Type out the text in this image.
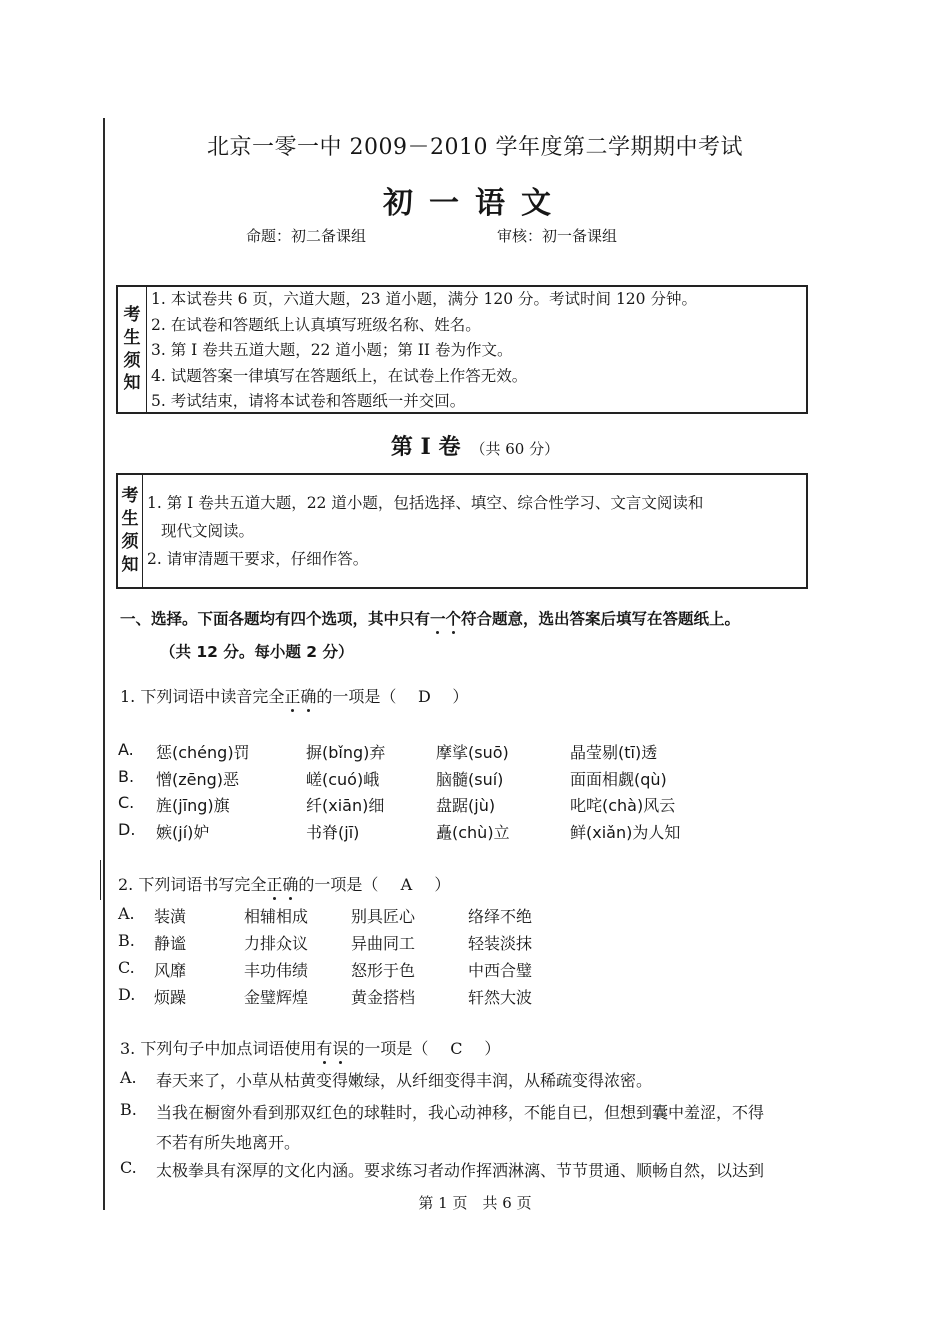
北京一零一中 2009－2010 学年度第二学期期中考试
初一语文
命题：初二备课组	审核：初一备课组
考
生
须
知
1. 本试卷共 6 页，六道大题，23 道小题，满分 120 分。考试时间 120 分钟。
2. 在试卷和答题纸上认真填写班级名称、姓名。
3. 第 I 卷共五道大题，22 道小题；第 II 卷为作文。
4. 试题答案一律填写在答题纸上，在试卷上作答无效。
5. 考试结束，请将本试卷和答题纸一并交回。
第 I 卷 （共 60 分）
考
生
须
知
1. 第 I 卷共五道大题，22 道小题，包括选择、填空、综合性学习、文言文阅读和
现代文阅读。
2. 请审清题干要求，仔细作答。
一、选择。下面各题均有四个选项，其中只有一个符合题意，选出答案后填写在答题纸上。
（共 12 分。每小题 2 分）
1. 下列词语中读音完全正确的一项是（ D ）
A. 惩(chéng)罚	摒(bǐng)弃	摩挲(suō)	晶莹剔(tī)透
B. 憎(zēng)恶	嵯(cuó)峨	脑髓(suí)	面面相觑(qù)
C. 旌(jīng)旗	纤(xiān)细	盘踞(jù)	叱咤(chà)风云
D. 嫉(jí)妒	书脊(jī)	矗(chù)立	鲜(xiǎn)为人知
2. 下列词语书写完全正确的一项是（ A ）
A. 装潢	相辅相成	别具匠心	络绎不绝
B. 静谧	力排众议	异曲同工	轻装淡抹
C. 风靡	丰功伟绩	怒形于色	中西合璧
D. 烦躁	金璧辉煌	黄金搭档	轩然大波
3. 下列句子中加点词语使用有误的一项是（ C ）
A. 春天来了，小草从枯黄变得嫩绿，从纤细变得丰润，从稀疏变得浓密。
B. 当我在橱窗外看到那双红色的球鞋时，我心动神移，不能自已，但想到囊中羞涩，不得
不若有所失地离开。
C. 太极拳具有深厚的文化内涵。要求练习者动作挥洒淋漓、节节贯通、顺畅自然，以达到
第 1 页　共 6 页
